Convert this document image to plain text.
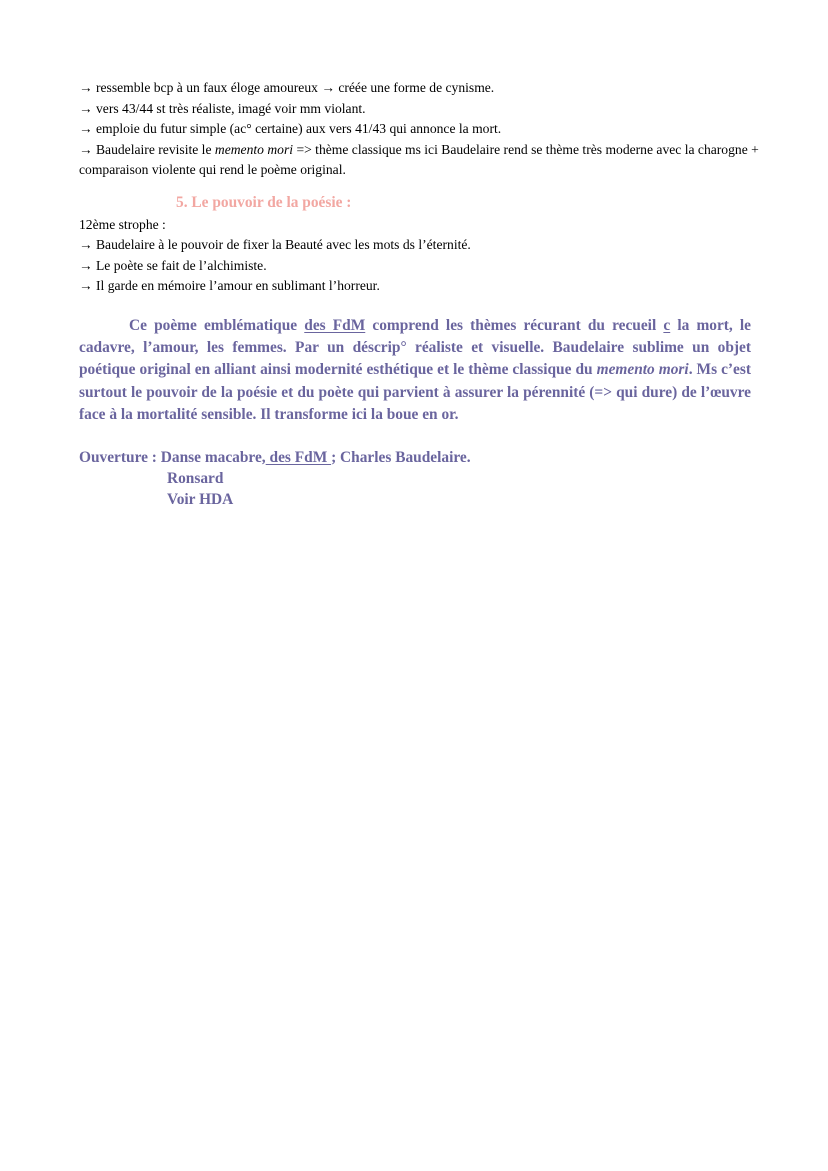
→ ressemble bcp à un faux éloge amoureux → créée une forme de cynisme.
→ vers 43/44 st très réaliste, imagé voir mm violant.
→ emploie du futur simple (ac° certaine) aux vers 41/43 qui annonce la mort.
→ Baudelaire revisite le memento mori => thème classique ms ici Baudelaire rend se thème très moderne avec la charogne + comparaison violente qui rend le poème original.
5. Le pouvoir de la poésie :
12ème strophe :
→ Baudelaire à le pouvoir de fixer la Beauté avec les mots ds l’éternité.
→ Le poète se fait de l’alchimiste.
→ Il garde en mémoire l’amour en sublimant l’horreur.
Ce poème emblématique des FdM comprend les thèmes récurant du recueil c la mort, le cadavre, l’amour, les femmes. Par un déscrip° réaliste et visuelle. Baudelaire sublime un objet poétique original en alliant ainsi modernité esthétique et le thème classique du memento mori. Ms c’est surtout le pouvoir de la poésie et du poète qui parvient à assurer la pérennité (=> qui dure) de l’œuvre face à la mortalité sensible. Il transforme ici la boue en or.
Ouverture : Danse macabre, des FdM ; Charles Baudelaire.
Ronsard
Voir HDA
